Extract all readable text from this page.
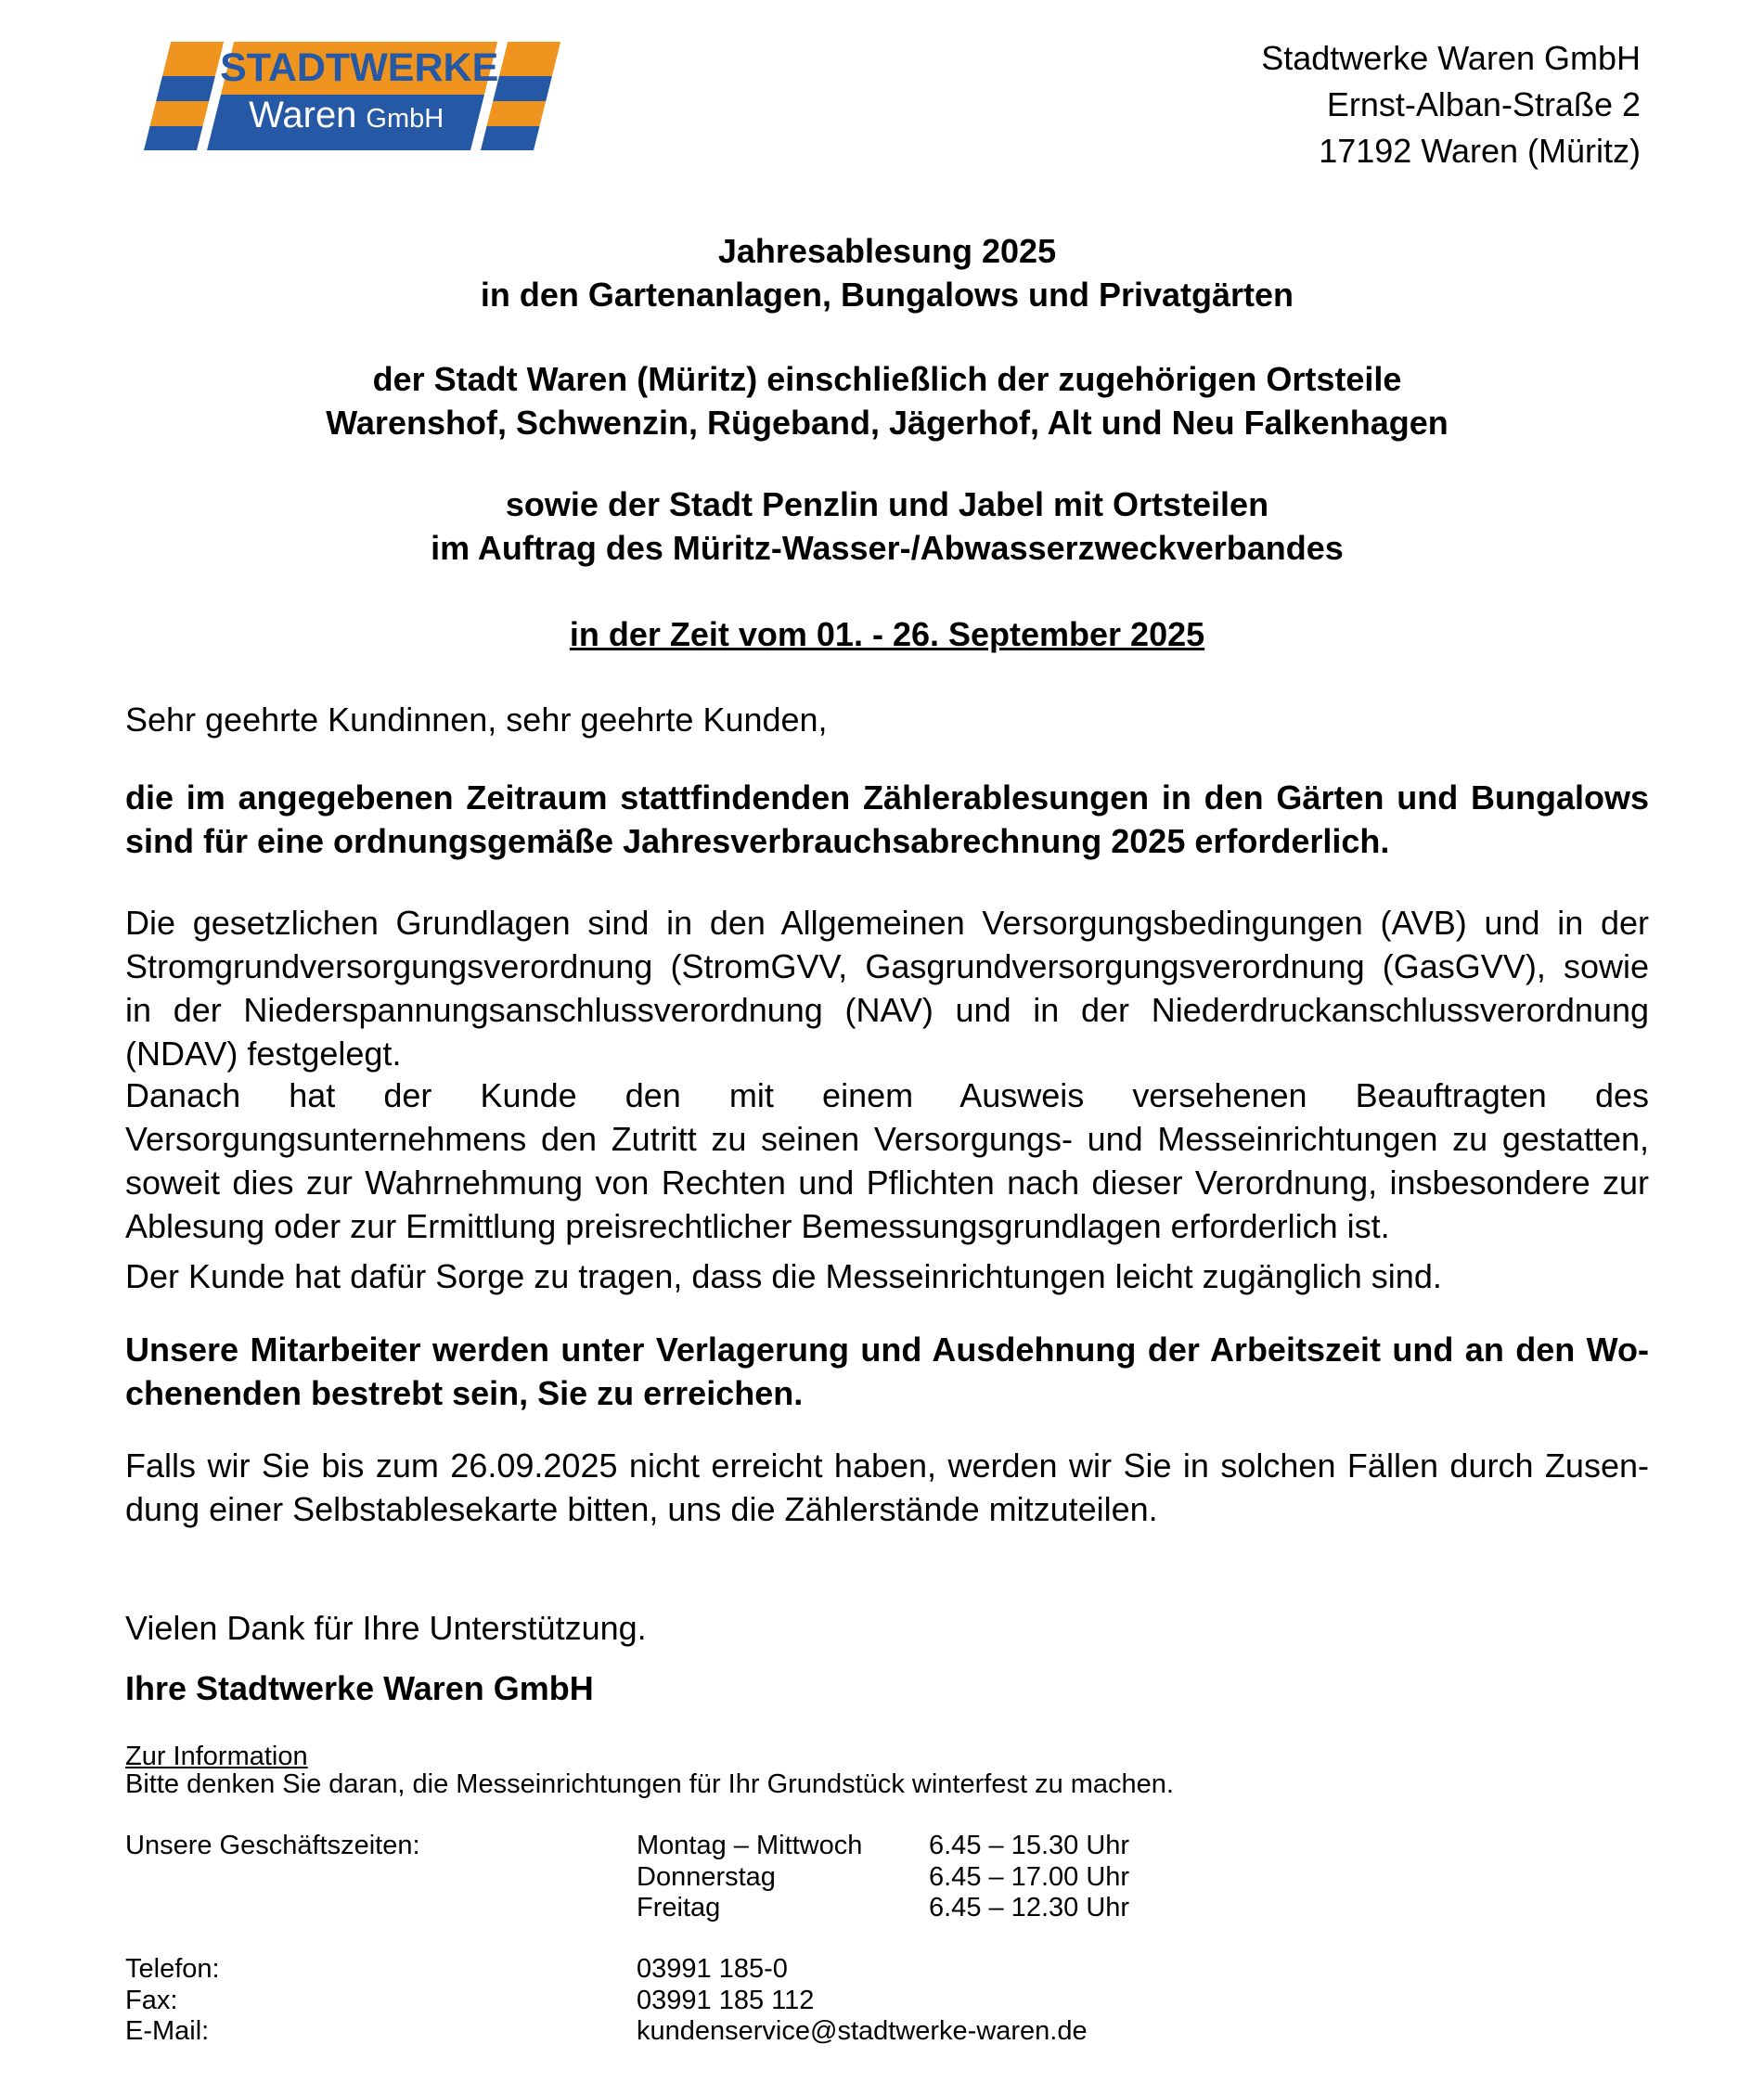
STADTWERKE
Waren GmbH
Stadtwerke Waren GmbH
Ernst-Alban-Straße 2
17192 Waren (Müritz)
Jahresablesung 2025
in den Gartenanlagen, Bungalows und Privatgärten
der Stadt Waren (Müritz) einschließlich der zugehörigen Ortsteile
Warenshof, Schwenzin, Rügeband, Jägerhof, Alt und Neu Falkenhagen
sowie der Stadt Penzlin und Jabel mit Ortsteilen
im Auftrag des Müritz-Wasser-/Abwasserzweckverbandes
in der Zeit vom 01. - 26. September 2025
Sehr geehrte Kundinnen, sehr geehrte Kunden,
die im angegebenen Zeitraum stattfindenden Zählerablesungen in den Gärten und Bungalows sind für eine ordnungsgemäße Jahresverbrauchsabrechnung 2025 erforderlich.
Die gesetzlichen Grundlagen sind in den Allgemeinen Versorgungsbedingungen (AVB) und in der Stromgrundversorgungsverordnung (StromGVV, Gasgrundversorgungsverordnung (GasGVV), sowie in der Niederspannungsanschlussverordnung (NAV) und in der Niederdruckanschlussverordnung (NDAV) festgelegt.
Danach hat der Kunde den mit einem Ausweis versehenen Beauftragten des Versorgungsunternehmens den Zutritt zu seinen Versorgungs- und Messeinrichtungen zu gestatten, soweit dies zur Wahrnehmung von Rechten und Pflichten nach dieser Verordnung, insbesondere zur Ablesung oder zur Ermittlung preisrechtlicher Bemessungsgrundlagen erforderlich ist.
Der Kunde hat dafür Sorge zu tragen, dass die Messeinrichtungen leicht zugänglich sind.
Unsere Mitarbeiter werden unter Verlagerung und Ausdehnung der Arbeitszeit und an den Wochenenden bestrebt sein, Sie zu erreichen.
Falls wir Sie bis zum 26.09.2025 nicht erreicht haben, werden wir Sie in solchen Fällen durch Zusendung einer Selbstablesekarte bitten, uns die Zählerstände mitzuteilen.
Vielen Dank für Ihre Unterstützung.
Ihre Stadtwerke Waren GmbH
Zur Information
Bitte denken Sie daran, die Messeinrichtungen für Ihr Grundstück winterfest zu machen.
Unsere Geschäftszeiten:	Montag – Mittwoch	6.45 – 15.30 Uhr
Donnerstag	6.45 – 17.00 Uhr
Freitag	6.45 – 12.30 Uhr
Telefon:	03991 185-0
Fax:	03991 185 112
E-Mail:	kundenservice@stadtwerke-waren.de
